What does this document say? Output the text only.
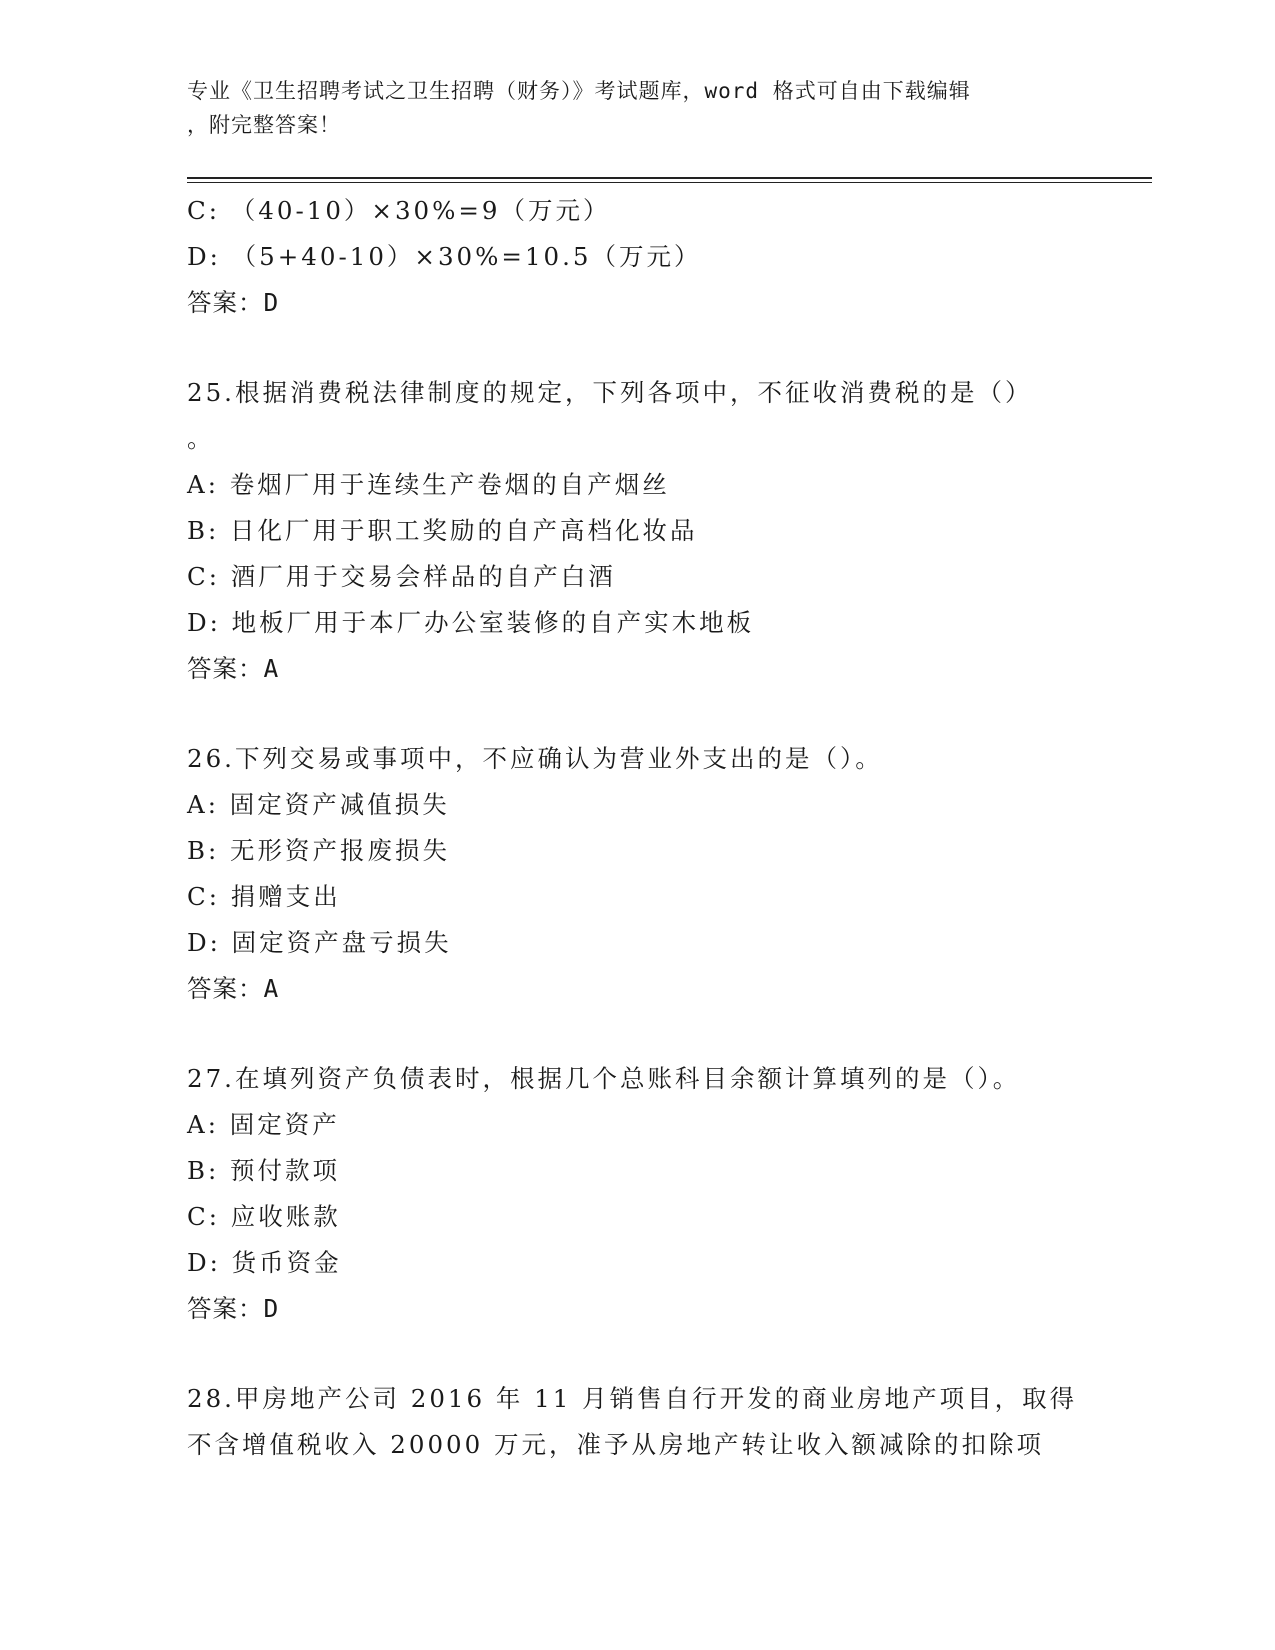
专业《卫生招聘考试之卫生招聘（财务）》考试题库，word 格式可自由下载编辑
，附完整答案！
C: （40-10）×30%=9（万元）
D: （5+40-10）×30%=10.5（万元）
答案：D
25.根据消费税法律制度的规定，下列各项中，不征收消费税的是（）
。
A: 卷烟厂用于连续生产卷烟的自产烟丝
B: 日化厂用于职工奖励的自产高档化妆品
C: 酒厂用于交易会样品的自产白酒
D: 地板厂用于本厂办公室装修的自产实木地板
答案：A
26.下列交易或事项中，不应确认为营业外支出的是（）。
A: 固定资产减值损失
B: 无形资产报废损失
C: 捐赠支出
D: 固定资产盘亏损失
答案：A
27.在填列资产负债表时，根据几个总账科目余额计算填列的是（）。
A: 固定资产
B: 预付款项
C: 应收账款
D: 货币资金
答案：D
28.甲房地产公司 2016 年 11 月销售自行开发的商业房地产项目，取得
不含增值税收入 20000 万元，准予从房地产转让收入额减除的扣除项
